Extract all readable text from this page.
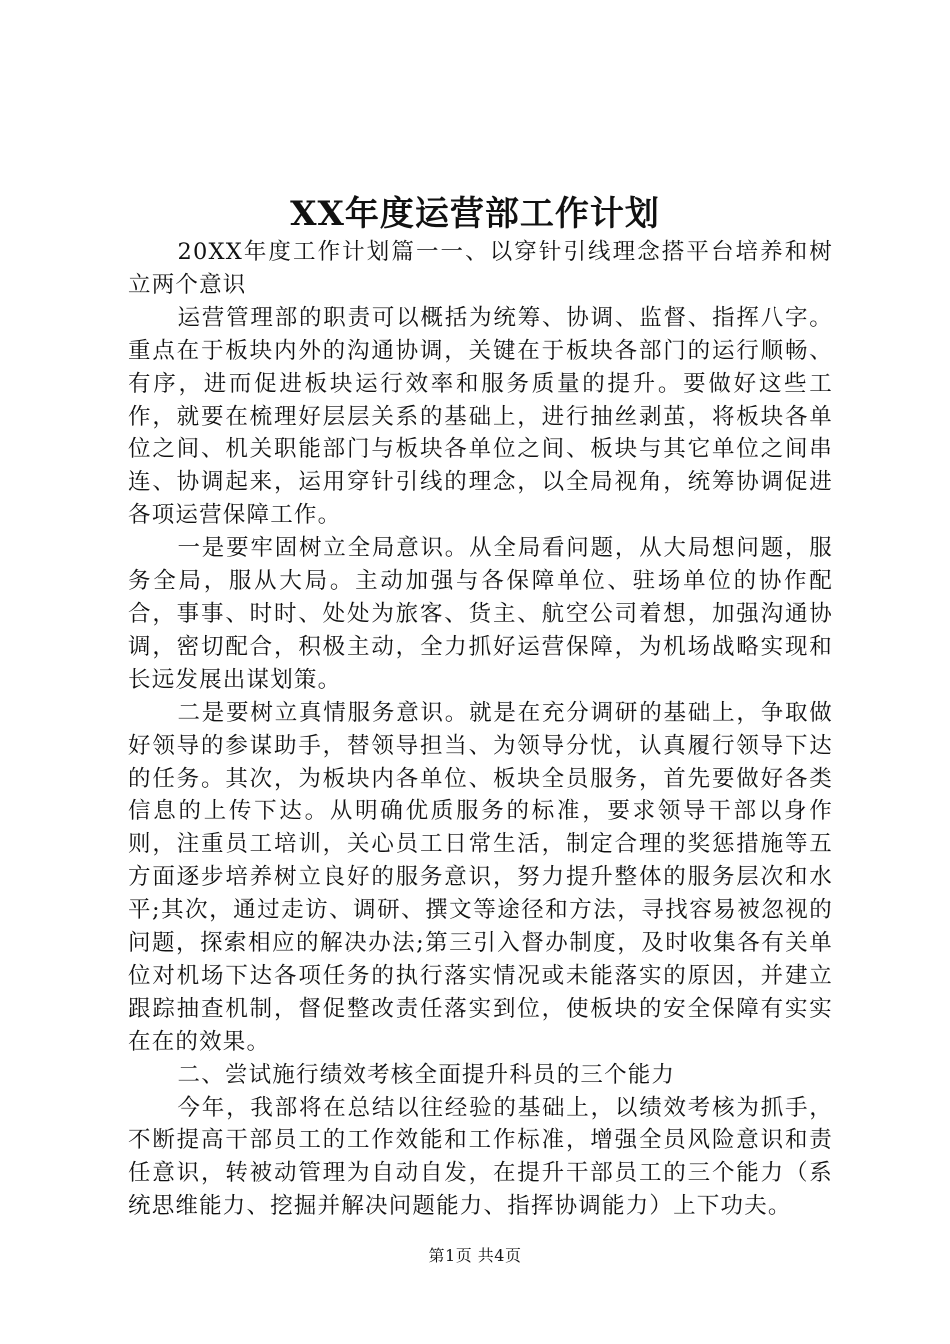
XX年度运营部工作计划

20XX年度工作计划篇一一、以穿针引线理念搭平台培养和树立两个意识

运营管理部的职责可以概括为统筹、协调、监督、指挥八字。重点在于板块内外的沟通协调，关键在于板块各部门的运行顺畅、有序，进而促进板块运行效率和服务质量的提升。要做好这些工作，就要在梳理好层层关系的基础上，进行抽丝剥茧，将板块各单位之间、机关职能部门与板块各单位之间、板块与其它单位之间串连、协调起来，运用穿针引线的理念，以全局视角，统筹协调促进各项运营保障工作。

一是要牢固树立全局意识。从全局看问题，从大局想问题，服务全局，服从大局。主动加强与各保障单位、驻场单位的协作配合，事事、时时、处处为旅客、货主、航空公司着想，加强沟通协调，密切配合，积极主动，全力抓好运营保障，为机场战略实现和长远发展出谋划策。

二是要树立真情服务意识。就是在充分调研的基础上，争取做好领导的参谋助手，替领导担当、为领导分忧，认真履行领导下达的任务。其次，为板块内各单位、板块全员服务，首先要做好各类信息的上传下达。从明确优质服务的标准，要求领导干部以身作则，注重员工培训，关心员工日常生活，制定合理的奖惩措施等五方面逐步培养树立良好的服务意识，努力提升整体的服务层次和水平;其次，通过走访、调研、撰文等途径和方法，寻找容易被忽视的问题，探索相应的解决办法;第三引入督办制度，及时收集各有关单位对机场下达各项任务的执行落实情况或未能落实的原因，并建立跟踪抽查机制，督促整改责任落实到位，使板块的安全保障有实实在在的效果。

二、尝试施行绩效考核全面提升科员的三个能力

今年，我部将在总结以往经验的基础上，以绩效考核为抓手，不断提高干部员工的工作效能和工作标准，增强全员风险意识和责任意识，转被动管理为自动自发，在提升干部员工的三个能力（系统思维能力、挖掘并解决问题能力、指挥协调能力）上下功夫。

第1页 共4页
